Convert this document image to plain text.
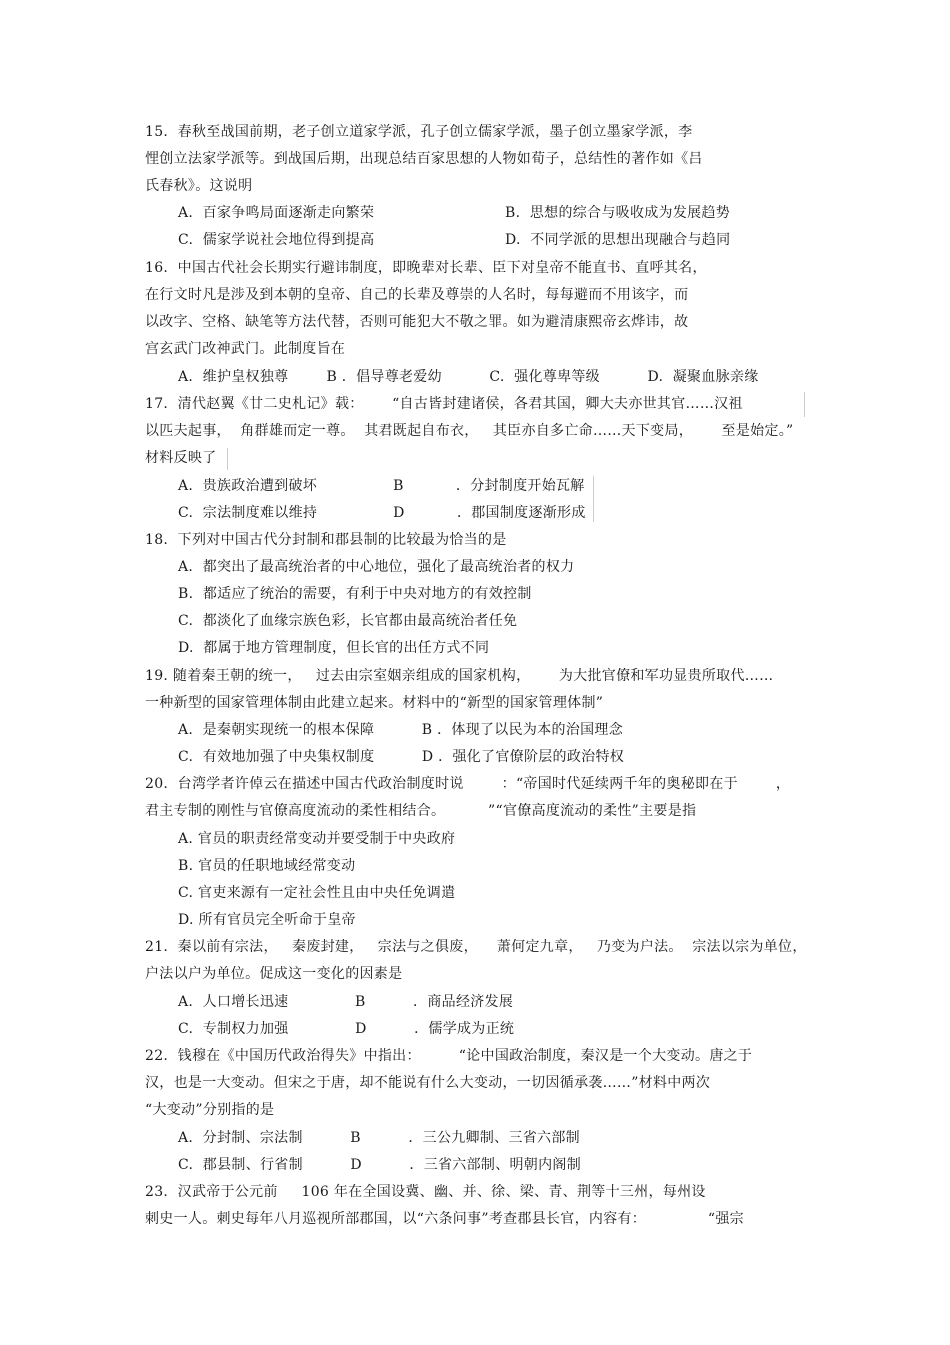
15.  春秋至战国前期，老子创立道家学派，孔子创立儒家学派，墨子创立墨家学派，李
悝创立法家学派等。到战国后期，出现总结百家思想的人物如荀子，总结性的著作如《吕
氏春秋》。这说明
A.  百家争鸣局面逐渐走向繁荣	B.  思想的综合与吸收成为发展趋势
C.  儒家学说社会地位得到提高	D.  不同学派的思想出现融合与趋同
16.  中国古代社会长期实行避讳制度，即晚辈对长辈、臣下对皇帝不能直书、直呼其名，
在行文时凡是涉及到本朝的皇帝、自己的长辈及尊崇的人名时，每每避而不用该字，而
以改字、空格、缺笔等方法代替，否则可能犯大不敬之罪。如为避清康熙帝玄烨讳，故
宫玄武门改神武门。此制度旨在
A.  维护皇权独尊        B ．倡导尊老爱幼          C.  强化尊卑等级          D.  凝聚血脉亲缘
17.  清代赵翼《廿二史札记》载：      “自古皆封建诸侯，各君其国，卿大夫亦世其官……汉祖
以匹夫起事，  角群雄而定一尊。  其君既起自布衣，   其臣亦自多亡命……天下变局，      至是始定。”
材料反映了
A.  贵族政治遭到破坏                B           ．分封制度开始瓦解
C.  宗法制度难以维持                D           ．郡国制度逐渐形成
18.  下列对中国古代分封制和郡县制的比较最为恰当的是
A.  都突出了最高统治者的中心地位，强化了最高统治者的权力
B.  都适应了统治的需要，有利于中央对地方的有效控制
C.  都淡化了血缘宗族色彩，长官都由最高统治者任免
D.  都属于地方管理制度，但长官的出任方式不同
19. 随着秦王朝的统一，   过去由宗室姻亲组成的国家机构，      为大批官僚和军功显贵所取代……
一种新型的国家管理体制由此建立起来。材料中的“新型的国家管理体制”
A.  是秦朝实现统一的根本保障          B ．体现了以民为本的治国理念
C.  有效地加强了中央集权制度          D ．强化了官僚阶层的政治特权
20.  台湾学者许倬云在描述中国古代政治制度时说        ：“帝国时代延续两千年的奥秘即在于        ，
君主专制的刚性与官僚高度流动的柔性相结合。         ”“官僚高度流动的柔性”主要是指
A. 官员的职责经常变动并要受制于中央政府
B. 官员的任职地域经常变动
C. 官吏来源有一定社会性且由中央任免调遣
D. 所有官员完全听命于皇帝
21.  秦以前有宗法，   秦废封建，   宗法与之俱废，    萧何定九章，   乃变为户法。  宗法以宗为单位，
户法以户为单位。促成这一变化的因素是
A.  人口增长迅速              B          ．商品经济发展
C.  专制权力加强              D          ．儒学成为正统
22.  钱穆在《中国历代政治得失》中指出：        “论中国政治制度，秦汉是一个大变动。唐之于
汉，也是一大变动。但宋之于唐，却不能说有什么大变动，一切因循承袭……”材料中两次
“大变动”分别指的是
A.  分封制、宗法制          B          ．三公九卿制、三省六部制
C.  郡县制、行省制          D          ．三省六部制、明朝内阁制
23.  汉武帝于公元前     106 年在全国设冀、幽、并、徐、梁、青、荆等十三州，每州设
刺史一人。刺史每年八月巡视所部郡国，以“六条问事”考查郡县长官，内容有：             “强宗
